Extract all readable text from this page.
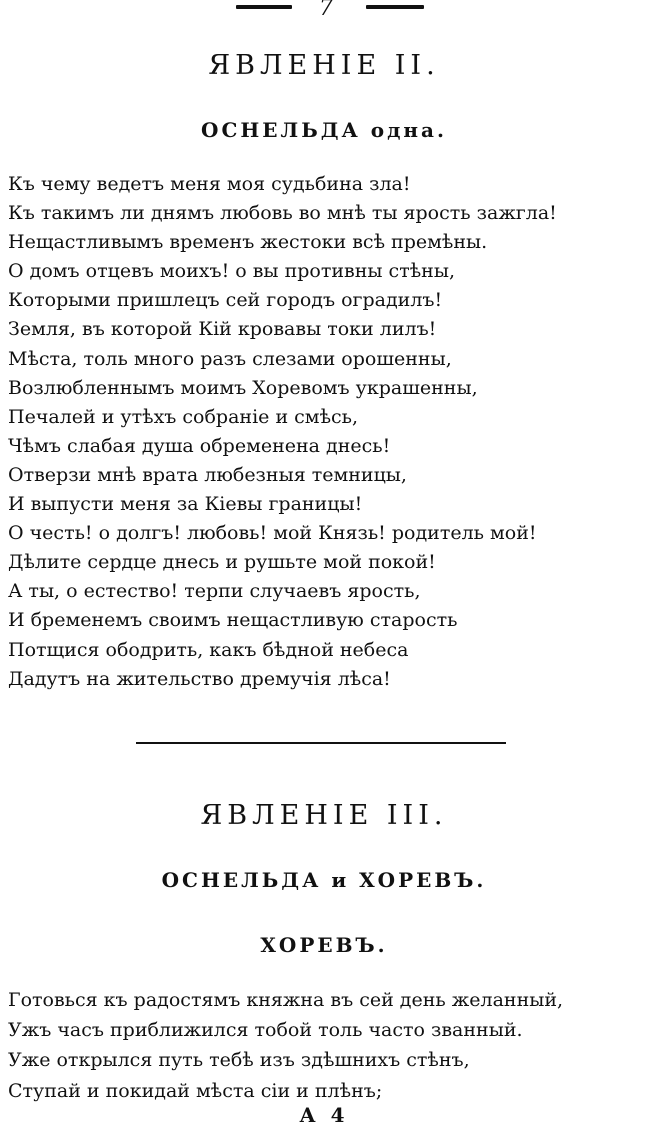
7
ЯВЛЕНІЕ II.
ОСНЕЛЬДА одна.
Къ чему ведетъ меня моя судьбина зла!
Къ такимъ ли днямъ любовь во мнѣ ты ярость зажгла!
Нещастливымъ временъ жестоки всѣ премѣны.
О домъ отцевъ моихъ! о вы противны стѣны,
Которыми пришлецъ сей городъ оградилъ!
Земля, въ которой Кій кровавы токи лилъ!
Мѣста, толь много разъ слезами орошенны,
Возлюбленнымъ моимъ Хоревомъ украшенны,
Печалей и утѣхъ собраніе и смѣсь,
Чѣмъ слабая душа обременена днесь!
Отверзи мнѣ врата любезныя темницы,
И выпусти меня за Кіевы границы!
О честь! о долгъ! любовь! мой Князь! родитель мой!
Дѣлите сердце днесь и рушьте мой покой!
А ты, о естество! терпи случаевъ ярость,
И бременемъ своимъ нещастливую старость
Потщися ободрить, какъ бѣдной небеса
Дадутъ на жительство дремучія лѣса!
ЯВЛЕНІЕ III.
ОСНЕЛЬДА и ХОРЕВЪ.
ХОРЕВЪ.
Готовься къ радостямъ княжна въ сей день желанный,
Ужъ часъ приближился тобой толь часто званный.
Уже открылся путь тебѣ изъ здѣшнихъ стѣнъ,
Ступай и покидай мѣста сіи и плѣнъ;
А 4
